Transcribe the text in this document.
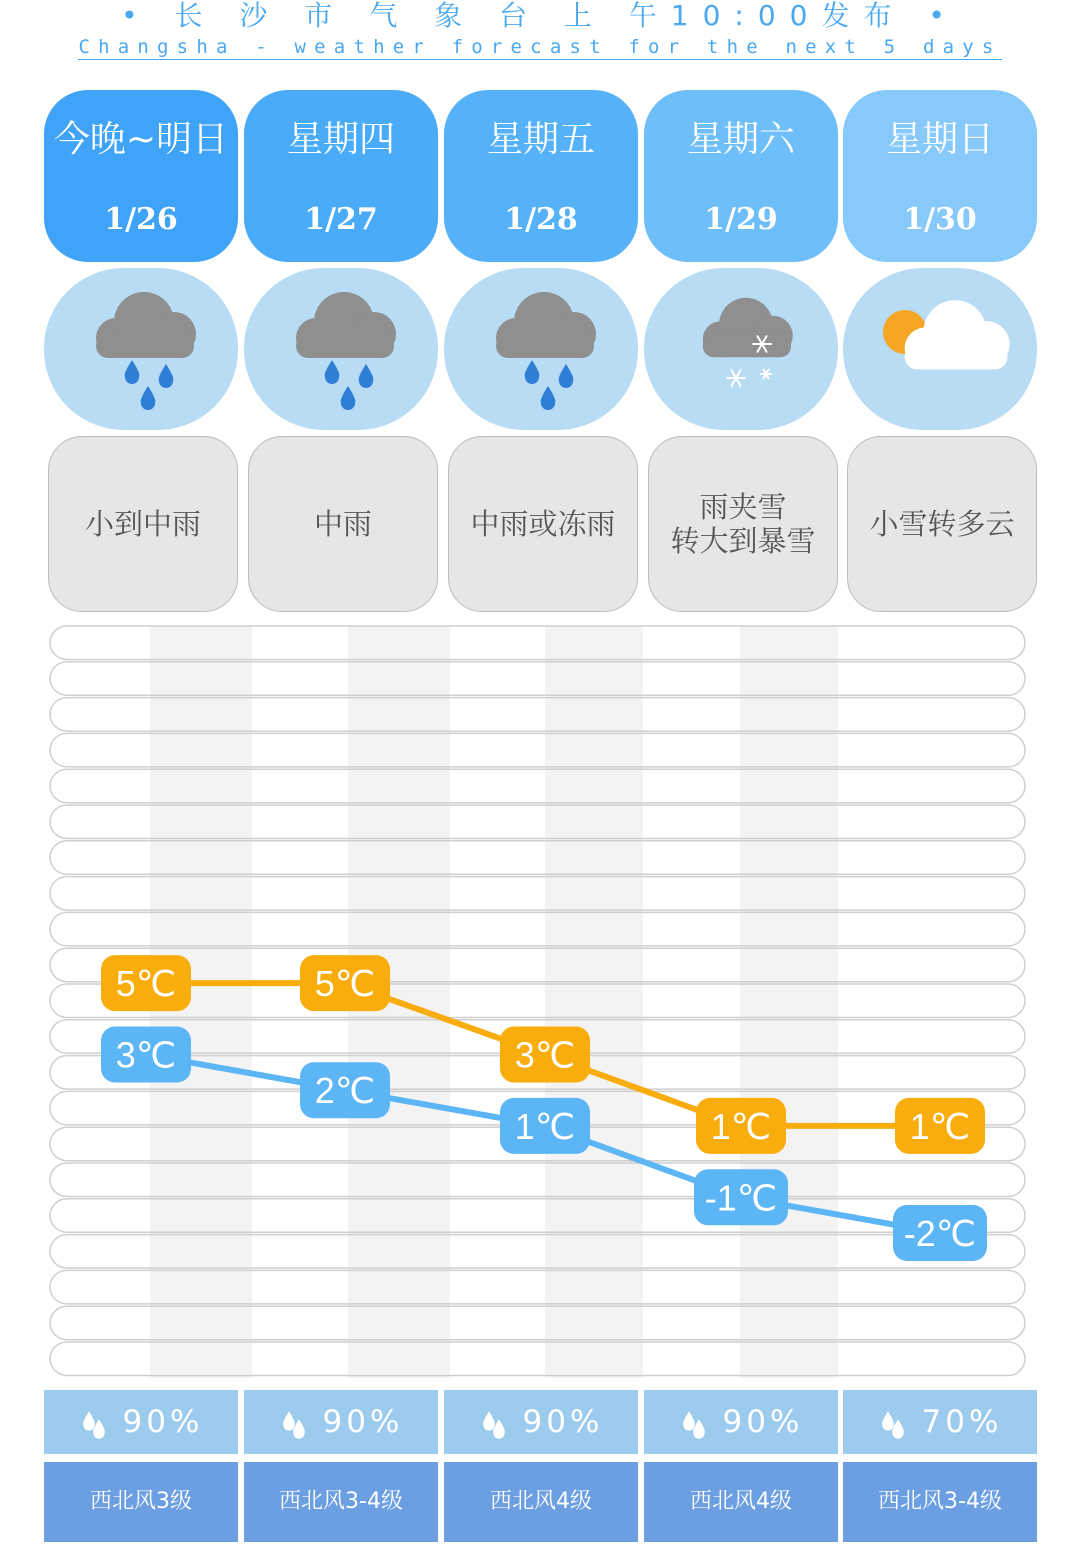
• 长 沙 市 气 象 台 上 午10:00发布 •
Changsha - weather forecast for the next 5 days
今晚~明日
1/26
小到中雨
90%
西北风3级
星期四
1/27
中雨
90%
西北风3-4级
星期五
1/28
中雨或冻雨
90%
西北风4级
星期六
1/29
雨夹雪
转大到暴雪
90%
西北风4级
星期日
1/30
小雪转多云
70%
西北风3-4级
5℃	5℃
3℃
1℃	1℃
3℃
2℃
1℃
-1℃
-2℃
